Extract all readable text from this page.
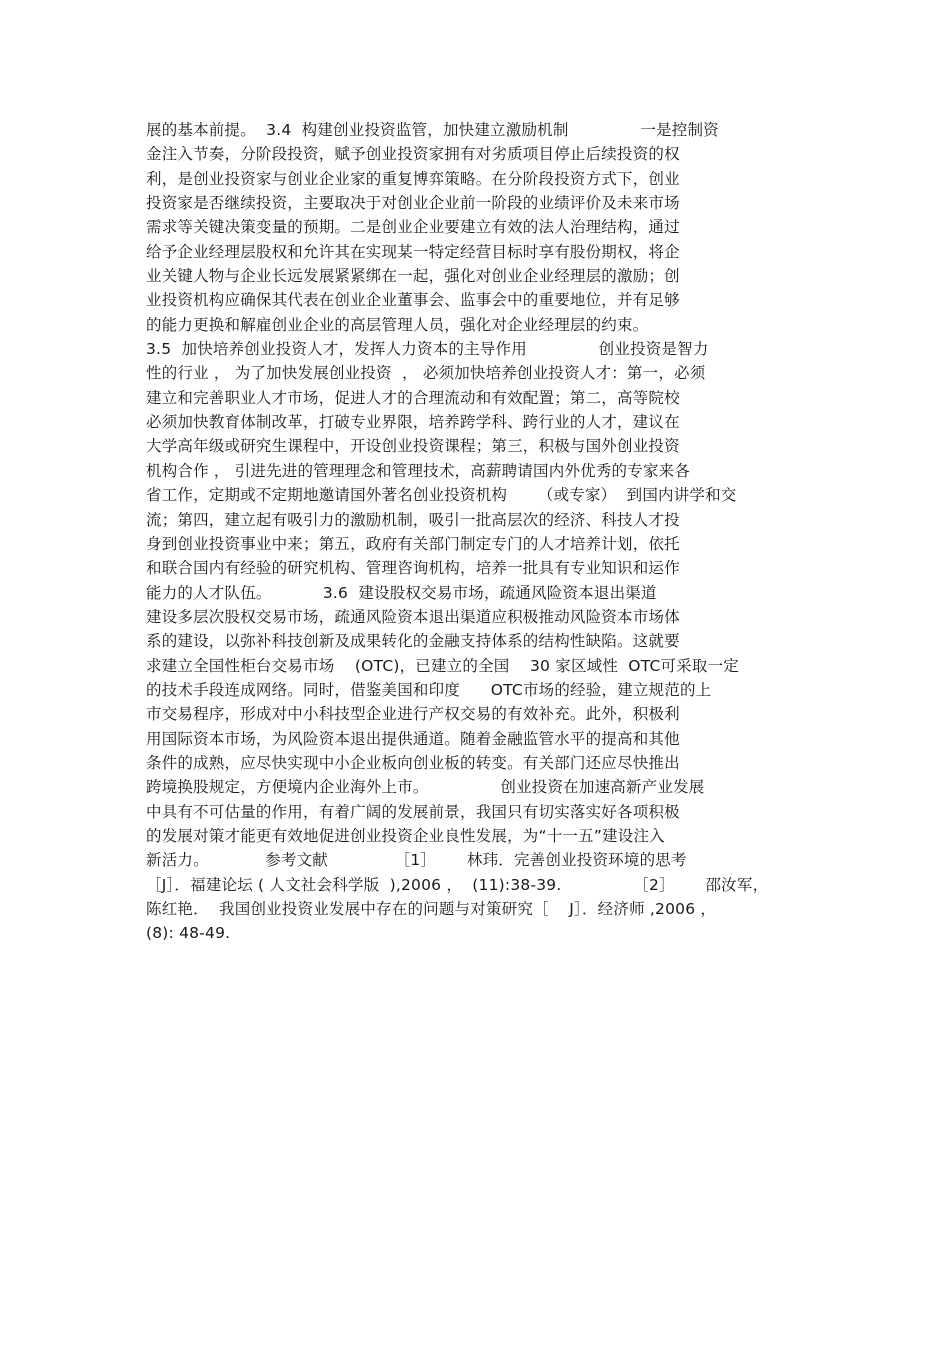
展的基本前提。  3.4  构建创业投资监管，加快建立激励机制              一是控制资
金注入节奏，分阶段投资，赋予创业投资家拥有对劣质项目停止后续投资的权
利，是创业投资家与创业企业家的重复博弈策略。在分阶段投资方式下，创业
投资家是否继续投资，主要取决于对创业企业前一阶段的业绩评价及未来市场
需求等关键决策变量的预期。二是创业企业要建立有效的法人治理结构，通过
给予企业经理层股权和允许其在实现某一特定经营目标时享有股份期权，将企
业关键人物与企业长远发展紧紧绑在一起，强化对创业企业经理层的激励；创
业投资机构应确保其代表在创业企业董事会、监事会中的重要地位，并有足够
的能力更换和解雇创业企业的高层管理人员，强化对企业经理层的约束。
3.5  加快培养创业投资人才，发挥人力资本的主导作用              创业投资是智力
性的行业 ， 为了加快发展创业投资  ， 必须加快培养创业投资人才：第一，必须
建立和完善职业人才市场，促进人才的合理流动和有效配置；第二，高等院校
必须加快教育体制改革，打破专业界限，培养跨学科、跨行业的人才，建议在
大学高年级或研究生课程中，开设创业投资课程；第三，积极与国外创业投资
机构合作 ， 引进先进的管理理念和管理技术，高薪聘请国内外优秀的专家来各
省工作，定期或不定期地邀请国外著名创业投资机构      （或专家）  到国内讲学和交
流；第四，建立起有吸引力的激励机制，吸引一批高层次的经济、科技人才投
身到创业投资事业中来；第五，政府有关部门制定专门的人才培养计划，依托
和联合国内有经验的研究机构、管理咨询机构，培养一批具有专业知识和运作
能力的人才队伍。          3.6  建设股权交易市场，疏通风险资本退出渠道
建设多层次股权交易市场，疏通风险资本退出渠道应积极推动风险资本市场体
系的建设，以弥补科技创新及成果转化的金融支持体系的结构性缺陷。这就要
求建立全国性柜台交易市场    (OTC)，已建立的全国    30 家区域性  OTC可采取一定
的技术手段连成网络。同时，借鉴美国和印度      OTC市场的经验，建立规范的上
市交易程序，形成对中小科技型企业进行产权交易的有效补充。此外，积极利
用国际资本市场，为风险资本退出提供通道。随着金融监管水平的提高和其他
条件的成熟，应尽快实现中小企业板向创业板的转变。有关部门还应尽快推出
跨境换股规定，方便境内企业海外上市。              创业投资在加速高新产业发展
中具有不可估量的作用，有着广阔的发展前景，我国只有切实落实好各项积极
的发展对策才能更有效地促进创业投资企业良性发展，为“十一五”建设注入
新活力。           参考文献             ［1］      林玮．完善创业投资环境的思考
［J］．福建论坛 ( 人文社会科学版  ),2006 ，  (11):38-39.              ［2］      邵汝军，
陈红艳．  我国创业投资业发展中存在的问题与对策研究［    J］．经济师 ,2006 ，
(8): 48-49.
